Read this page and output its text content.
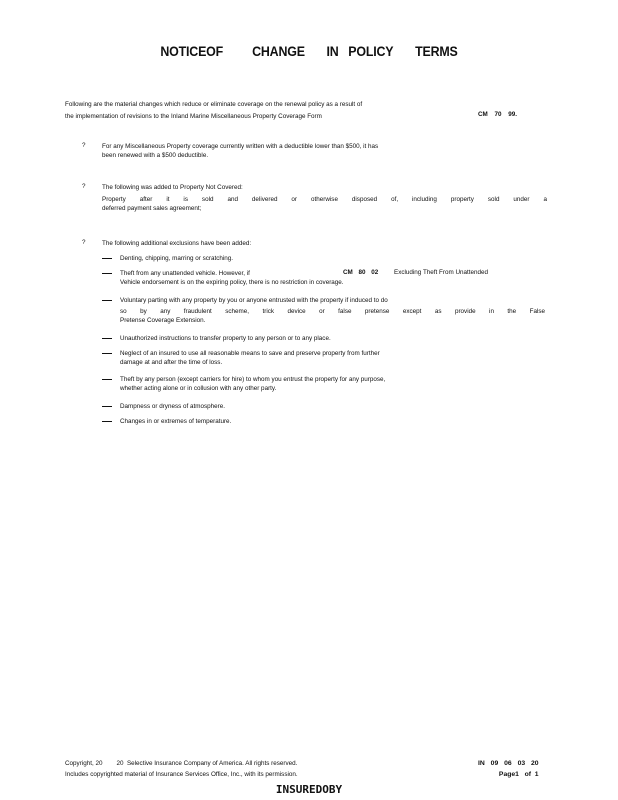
NOTICEOF CHANGE IN POLICY TERMS
Following are the material changes which reduce or eliminate coverage on the renewal policy as a result of
the implementation of revisions to the Inland Marine Miscellaneous Property Coverage Form	CM 70 99.
?	For any Miscellaneous Property coverage currently written with a deductible lower than $500, it has
been renewed with a $500 deductible.
?	The following was added to Property Not Covered:
Property after it is sold and delivered or otherwise disposed of, including property sold under a
deferred payment sales agreement;
?	The following additional exclusions have been added:
Denting, chipping, marring or scratching.
Theft from any unattended vehicle. However, if
Vehicle endorsement is on the expiring policy, there is no restriction in coverage.
CM 80 02 Excluding Theft From Unattended
Voluntary parting with any property by you or anyone entrusted with the property if induced to do
so by any fraudulent scheme, trick device or false pretense except as provide in the False
Pretense Coverage Extension.
Unauthorized instructions to transfer property to any person or to any place.
Neglect of an insured to use all reasonable means to save and preserve property from further
damage at and after the time of loss.
Theft by any person (except carriers for hire) to whom you entrust the property for any purpose,
whether acting alone or in collusion with any other party.
Dampness or dryness of atmosphere.
Changes in or extremes of temperature.
Copyright, 20        20  Selective Insurance Company of America. All rights reserved.
Includes copyrighted material of Insurance Services Office, Inc., with its permission.
IN 09 06 03 20
Page1   of  1
INSUREDOBY
